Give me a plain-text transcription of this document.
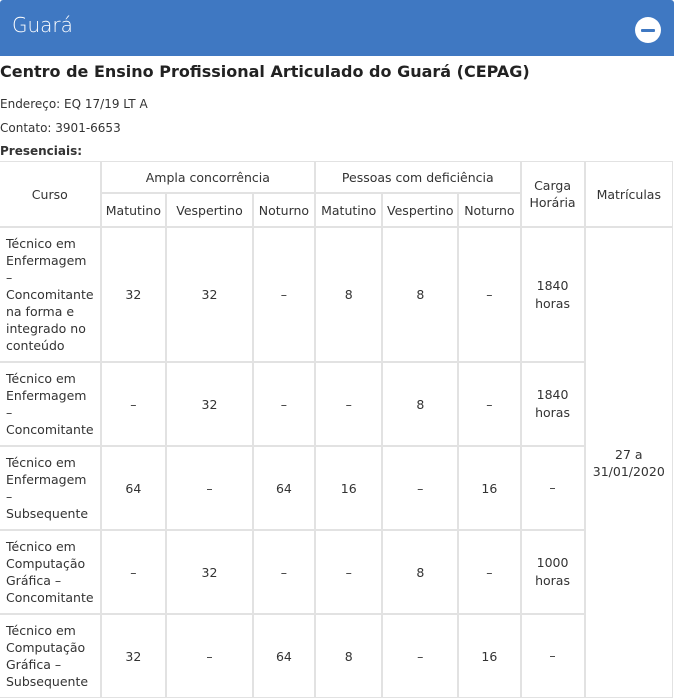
Guará
Centro de Ensino Profissional Articulado do Guará (CEPAG)
Endereço: EQ 17/19 LT A
Contato: 3901-6653
Presenciais:
Curso	Ampla concorrência			Pessoas com deficiência			Carga Horária	Matrículas
	Matutino	Vespertino	Noturno	Matutino	Vespertino	Noturno		
Técnico em Enfermagem – Concomitante na forma e integrado no conteúdo	32	32	–	8	8	–	1840 horas	27 a 31/01/2020
Técnico em Enfermagem – Concomitante	–	32	–	–	8	–	1840 horas	
Técnico em Enfermagem – Subsequente	64	–	64	16	–	16	–	
Técnico em Computação Gráfica – Concomitante	–	32	–	–	8	–	1000 horas	
Técnico em Computação Gráfica – Subsequente	32	–	64	8	–	16	–	
